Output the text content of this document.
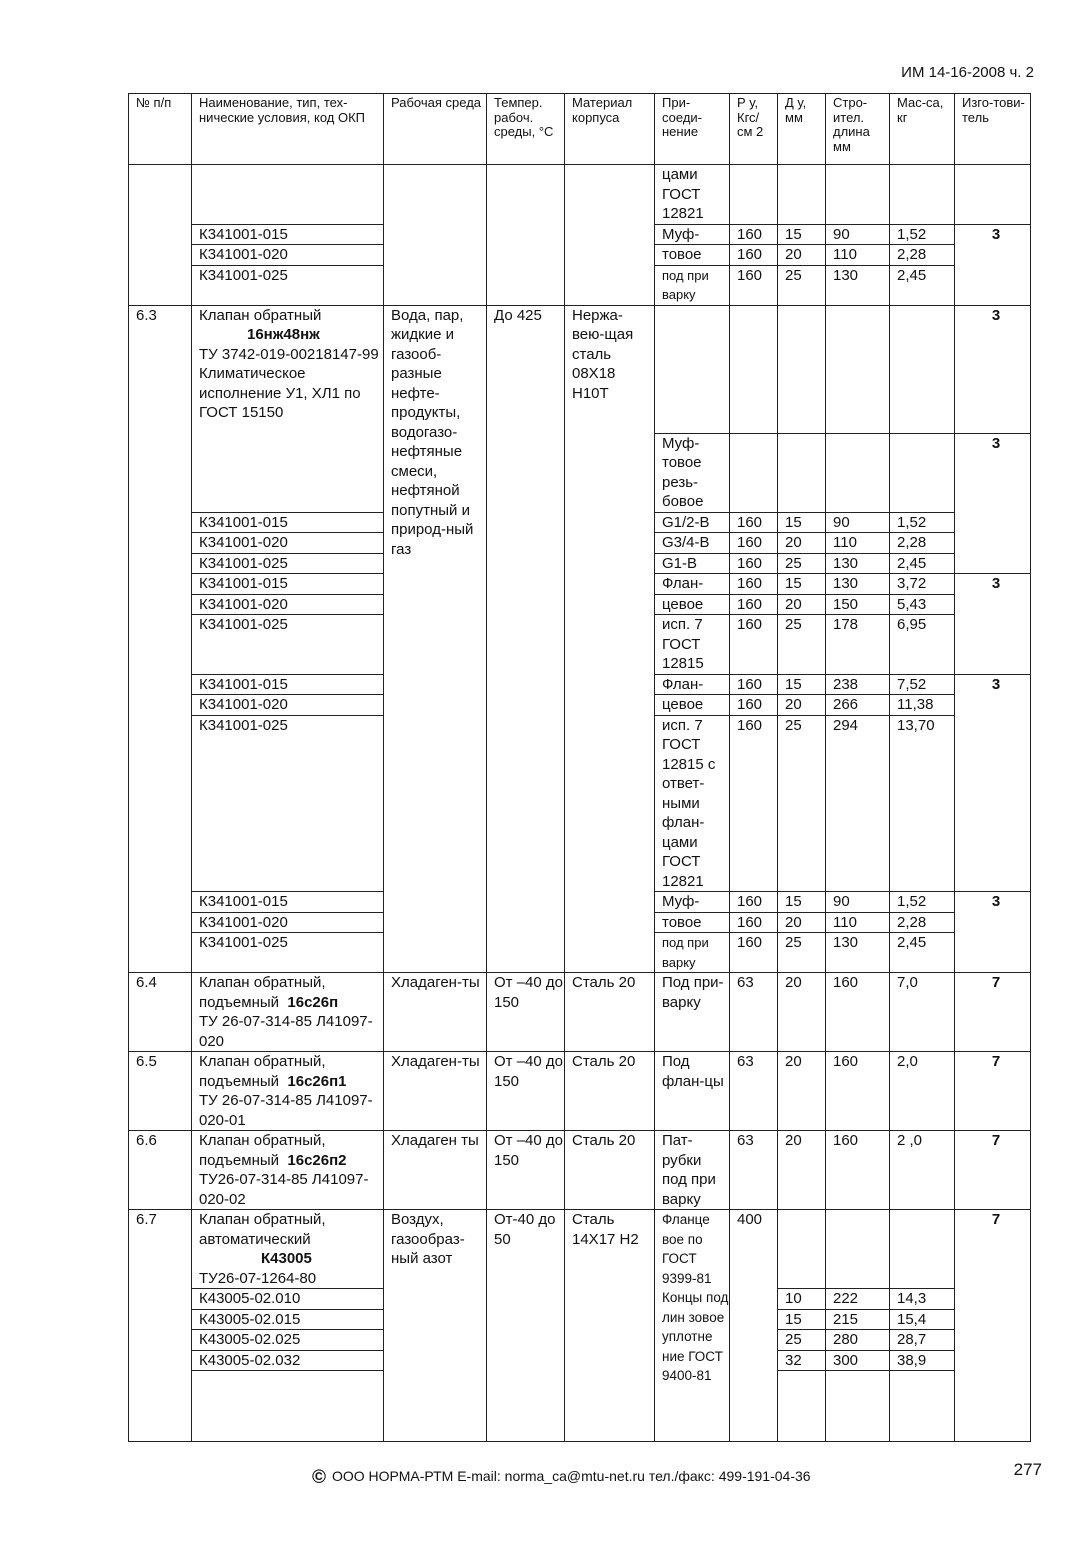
ИМ 14-16-2008 ч. 2
№ п/п	Наименование, тип, тех-нические условия, код ОКП	Рабочая среда	Темпер. рабоч. среды, °С	Материал корпуса	При-соеди-нение	Р у, Кгс/ см 2	Д у, мм	Стро-ител. длина мм	Мас-са, кг	Изго-тови-тель
					цами ГОСТ 12821					
	К341001-015				Муф-	160	15	90	1,52	3
	К341001-020				товое	160	20	110	2,28	
	К341001-025				под при варку	160	25	130	2,45	
6.3	Клапан обратный
16нж48нж
ТУ 3742-019-00218147-99
Климатическое исполнение У1, ХЛ1 по ГОСТ 15150	Вода, пар, жидкие и газооб-разные нефте-продукты, водогазо-нефтяные смеси, нефтяной попутный и природ-ный газ	До 425	Нержа-вею-щая сталь 08Х18 Н10Т						3
					Муф-товое резь-бовое					3
	К341001-015				G1/2-B	160	15	90	1,52	
	К341001-020				G3/4-B	160	20	110	2,28	
	К341001-025				G1-B	160	25	130	2,45	
	К341001-015				Флан-	160	15	130	3,72	3
	К341001-020				цевое	160	20	150	5,43	
	К341001-025				исп. 7 ГОСТ 12815	160	25	178	6,95	
	К341001-015				Флан-	160	15	238	7,52	3
	К341001-020				цевое	160	20	266	11,38	
	К341001-025				исп. 7 ГОСТ 12815 с ответ-ными флан-цами ГОСТ 12821	160	25	294	13,70	
	К341001-015				Муф-	160	15	90	1,52	3
	К341001-020				товое	160	20	110	2,28	
	К341001-025				под при варку	160	25	130	2,45	
6.4	Клапан обратный, подъемный 16с26п
ТУ 26-07-314-85 Л41097-020	Хладаген-ты	От –40 до 150	Сталь 20	Под при-варку	63	20	160	7,0	7
6.5	Клапан обратный, подъемный 16с26п1
ТУ 26-07-314-85 Л41097-020-01	Хладаген-ты	От –40 до 150	Сталь 20	Под флан-цы	63	20	160	2,0	7
6.6	Клапан обратный, подъемный 16с26п2
ТУ26-07-314-85 Л41097-020-02	Хладаген ты	От –40 до 150	Сталь 20	Пат-рубки под при варку	63	20	160	2 ,0	7
6.7	Клапан обратный, автоматический
К43005
ТУ26-07-1264-80	Воздух, газообраз-ный азот	От-40 до 50	Сталь 14Х17 Н2	Фланце вое по ГОСТ 9399-81 Концы под лин зовое уплотне ние ГОСТ 9400-81	400				7
	К43005-02.010						10	222	14,3	
	К43005-02.015						15	215	15,4	
	К43005-02.025						25	280	28,7	
	К43005-02.032						32	300	38,9	

© ООО НОРМА-РТМ E-mail: norma_ca@mtu-net.ru тел./факс: 499-191-04-36	277
